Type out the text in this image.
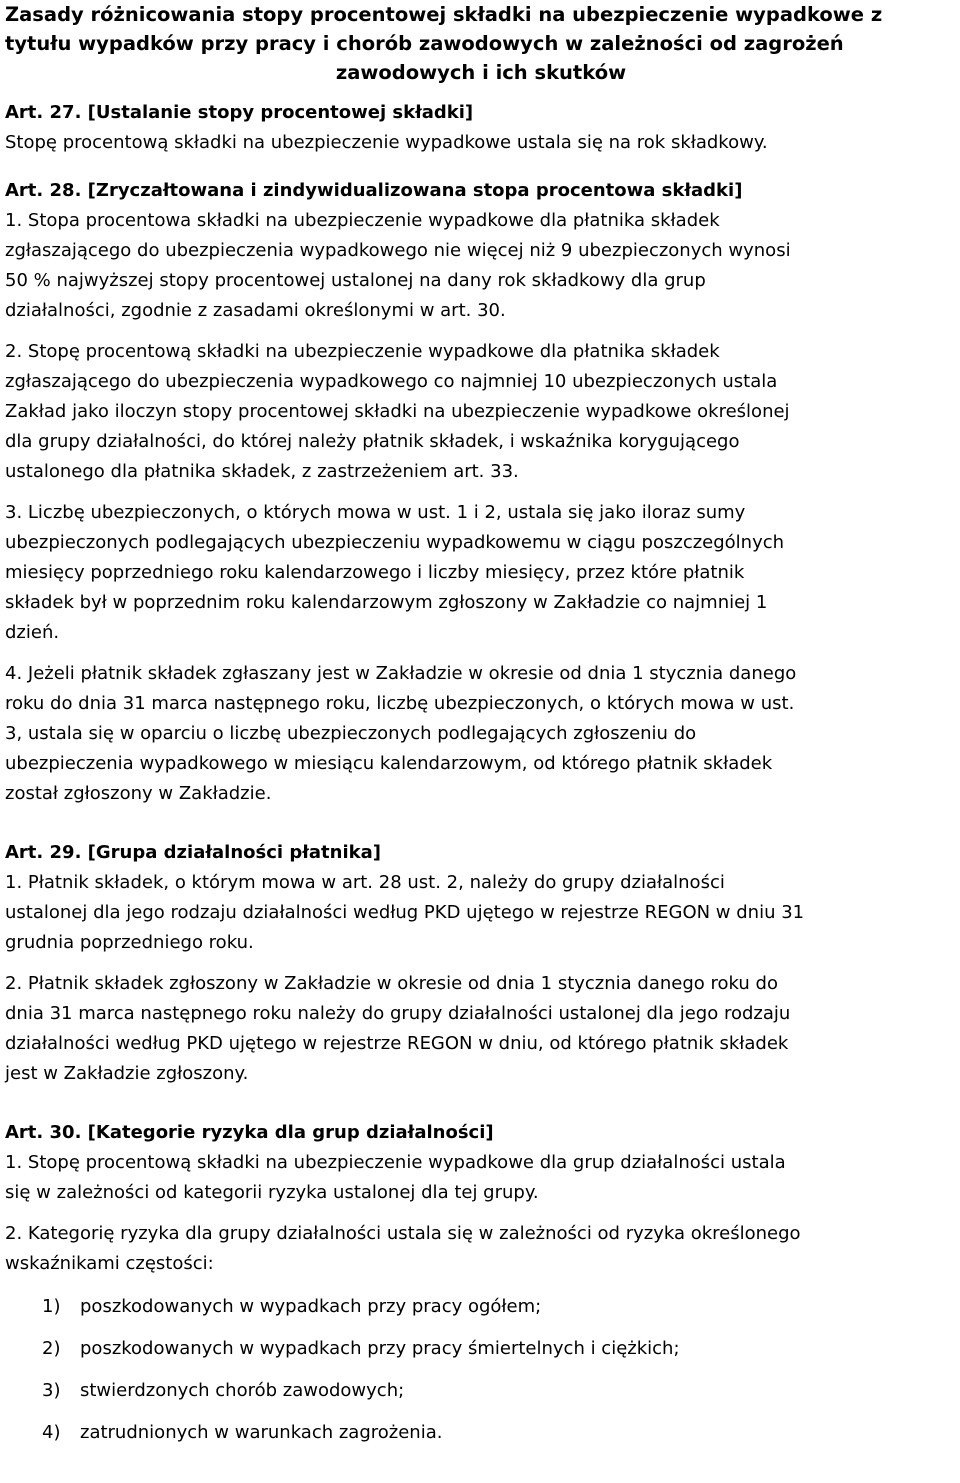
Zasady różnicowania stopy procentowej składki na ubezpieczenie wypadkowe z
tytułu wypadków przy pracy i chorób zawodowych w zależności od zagrożeń
zawodowych i ich skutków
Art. 27. [Ustalanie stopy procentowej składki]
Stopę procentową składki na ubezpieczenie wypadkowe ustala się na rok składkowy.
Art. 28. [Zryczałtowana i zindywidualizowana stopa procentowa składki]
1. Stopa procentowa składki na ubezpieczenie wypadkowe dla płatnika składek
zgłaszającego do ubezpieczenia wypadkowego nie więcej niż 9 ubezpieczonych wynosi
50 % najwyższej stopy procentowej ustalonej na dany rok składkowy dla grup
działalności, zgodnie z zasadami określonymi w art. 30.
2. Stopę procentową składki na ubezpieczenie wypadkowe dla płatnika składek
zgłaszającego do ubezpieczenia wypadkowego co najmniej 10 ubezpieczonych ustala
Zakład jako iloczyn stopy procentowej składki na ubezpieczenie wypadkowe określonej
dla grupy działalności, do której należy płatnik składek, i wskaźnika korygującego
ustalonego dla płatnika składek, z zastrzeżeniem art. 33.
3. Liczbę ubezpieczonych, o których mowa w ust. 1 i 2, ustala się jako iloraz sumy
ubezpieczonych podlegających ubezpieczeniu wypadkowemu w ciągu poszczególnych
miesięcy poprzedniego roku kalendarzowego i liczby miesięcy, przez które płatnik
składek był w poprzednim roku kalendarzowym zgłoszony w Zakładzie co najmniej 1
dzień.
4. Jeżeli płatnik składek zgłaszany jest w Zakładzie w okresie od dnia 1 stycznia danego
roku do dnia 31 marca następnego roku, liczbę ubezpieczonych, o których mowa w ust.
3, ustala się w oparciu o liczbę ubezpieczonych podlegających zgłoszeniu do
ubezpieczenia wypadkowego w miesiącu kalendarzowym, od którego płatnik składek
został zgłoszony w Zakładzie.
Art. 29. [Grupa działalności płatnika]
1. Płatnik składek, o którym mowa w art. 28 ust. 2, należy do grupy działalności
ustalonej dla jego rodzaju działalności według PKD ujętego w rejestrze REGON w dniu 31
grudnia poprzedniego roku.
2. Płatnik składek zgłoszony w Zakładzie w okresie od dnia 1 stycznia danego roku do
dnia 31 marca następnego roku należy do grupy działalności ustalonej dla jego rodzaju
działalności według PKD ujętego w rejestrze REGON w dniu, od którego płatnik składek
jest w Zakładzie zgłoszony.
Art. 30. [Kategorie ryzyka dla grup działalności]
1. Stopę procentową składki na ubezpieczenie wypadkowe dla grup działalności ustala
się w zależności od kategorii ryzyka ustalonej dla tej grupy.
2. Kategorię ryzyka dla grupy działalności ustala się w zależności od ryzyka określonego
wskaźnikami częstości:
1) poszkodowanych w wypadkach przy pracy ogółem;
2) poszkodowanych w wypadkach przy pracy śmiertelnych i ciężkich;
3) stwierdzonych chorób zawodowych;
4) zatrudnionych w warunkach zagrożenia.
